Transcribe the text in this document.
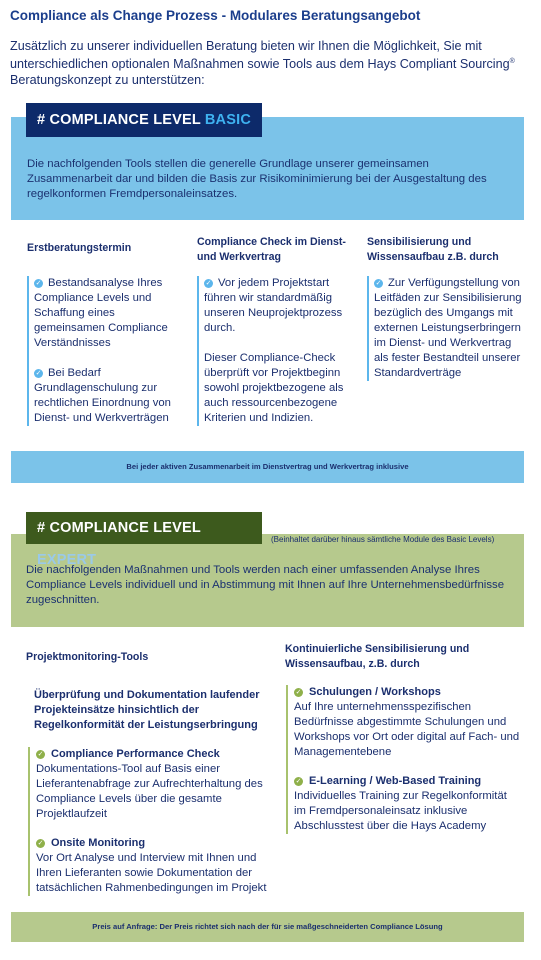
Compliance als Change Prozess - Modulares Beratungsangebot
Zusätzlich zu unserer individuellen Beratung bieten wir Ihnen die Möglichkeit, Sie mit
unterschiedlichen optionalen Maßnahmen sowie Tools aus dem Hays Compliant Sourcing®
Beratungskonzept zu unterstützen:
# COMPLIANCE LEVEL BASIC
Die nachfolgenden Tools stellen die generelle Grundlage unserer gemeinsamen Zusammenarbeit dar und bilden die Basis zur Risikominimierung bei der Ausgestaltung des regelkonformen Fremdpersonaleinsatzes.
Erstberatungstermin

✓ Bestandsanalyse Ihres Compliance Levels und Schaffung eines gemeinsamen Compliance Verständnisses

✓ Bei Bedarf Grundlagenschulung zur rechtlichen Einordnung von Dienst- und Werkverträgen

Compliance Check im Dienst- und Werkvertrag

✓ Vor jedem Projektstart führen wir standardmäßig unseren Neuprojektprozess durch.

Dieser Compliance-Check überprüft vor Projektbeginn sowohl projektbezogene als auch ressourcenbezogene Kriterien und Indizien.

Sensibilisierung und Wissensaufbau z.B. durch

✓ Zur Verfügungstellung von Leitfäden zur Sensibilisierung bezüglich des Umgangs mit externen Leistungserbringern im Dienst- und Werkvertrag als fester Bestandteil unserer Standardverträge

Bei jeder aktiven Zusammenarbeit im Dienstvertrag und Werkvertrag inklusive
# COMPLIANCE LEVEL EXPERT
(Beinhaltet darüber hinaus sämtliche Module des Basic Levels)
Die nachfolgenden Maßnahmen und Tools werden nach einer umfassenden Analyse Ihres Compliance Levels individuell und in Abstimmung mit Ihnen auf Ihre Unternehmensbedürfnisse zugeschnitten.
Projektmonitoring-Tools
Überprüfung und Dokumentation laufender Projekteinsätze hinsichtlich der Regelkonformität der Leistungserbringung
✓ Compliance Performance Check
Dokumentations-Tool auf Basis einer Lieferantenabfrage zur Aufrechterhaltung des Compliance Levels über die gesamte Projektlaufzeit
✓ Onsite Monitoring
Vor Ort Analyse und Interview mit Ihnen und Ihren Lieferanten sowie Dokumentation der tatsächlichen Rahmenbedingungen im Projekt
Kontinuierliche Sensibilisierung und Wissensaufbau, z.B. durch
✓ Schulungen / Workshops
Auf Ihre unternehmensspezifischen Bedürfnisse abgestimmte Schulungen und Workshops vor Ort oder digital auf Fach- und Managementebene
✓ E-Learning / Web-Based Training
Individuelles Training zur Regelkonformität im Fremdpersonaleinsatz inklusive Abschlusstest über die Hays Academy
Preis auf Anfrage: Der Preis richtet sich nach der für sie maßgeschneiderten Compliance Lösung
